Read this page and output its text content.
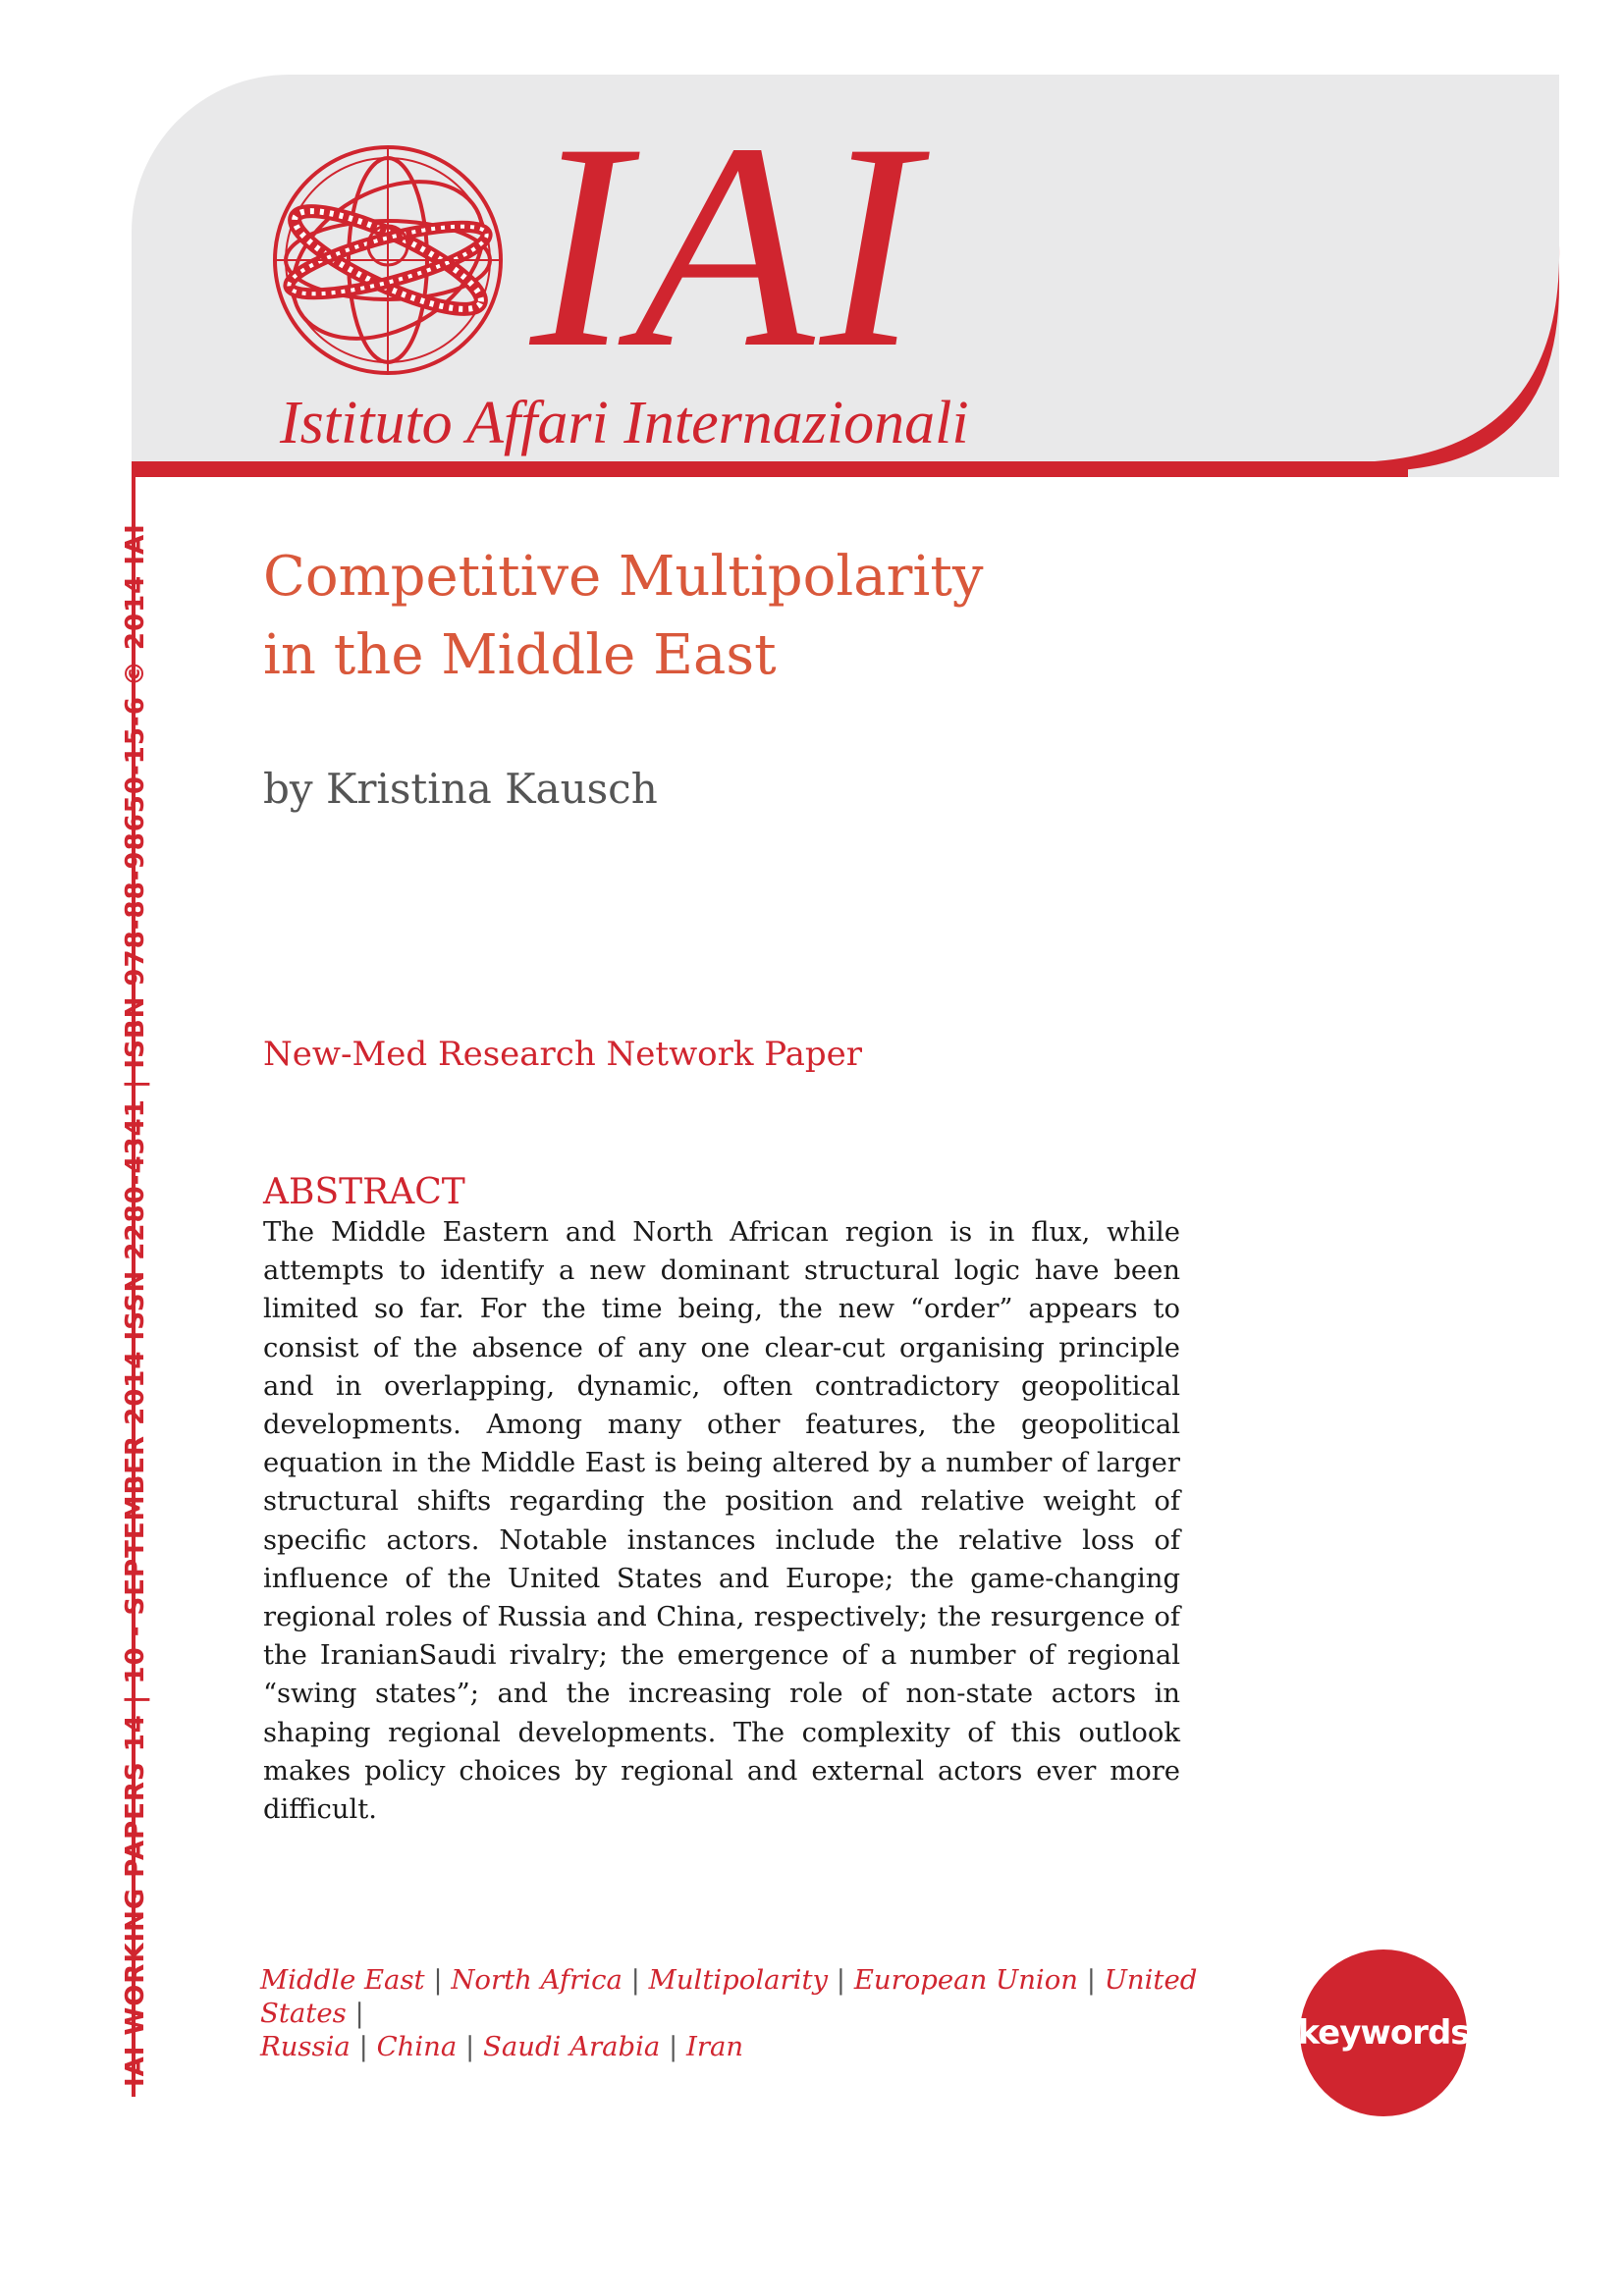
IAI
Istituto Affari Internazionali
IAI WORKING PAPERS 14 | 10 - SEPTEMBER 2014 ISSN 2280-4341 | ISBN 978-88-98650-15-6 © 2014 IAI Competitive Multipolarity
in the Middle East
by Kristina Kausch
New-Med Research Network Paper
ABSTRACT
The Middle Eastern and North African region is in flux, while attempts to identify a new dominant structural logic have been limited so far. For the time being, the new “order” appears to consist of the absence of any one clear-cut organising principle and in overlapping, dynamic, often contradictory geopolitical developments. Among many other features, the geopolitical equation in the Middle East is being altered by a number of larger structural shifts regarding the position and relative weight of specific actors. Notable instances include the relative loss of influence of the United States and Europe; the game-changing regional roles of Russia and China, respectively; the resurgence of the IranianSaudi rivalry; the emergence of a number of regional “swing states”; and the increasing role of non-state actors in shaping regional developments. The complexity of this outlook makes policy choices by regional and external actors ever more difficult.
Middle East | North Africa | Multipolarity | European Union | United States |
Russia | China | Saudi Arabia | Iran	keywords
